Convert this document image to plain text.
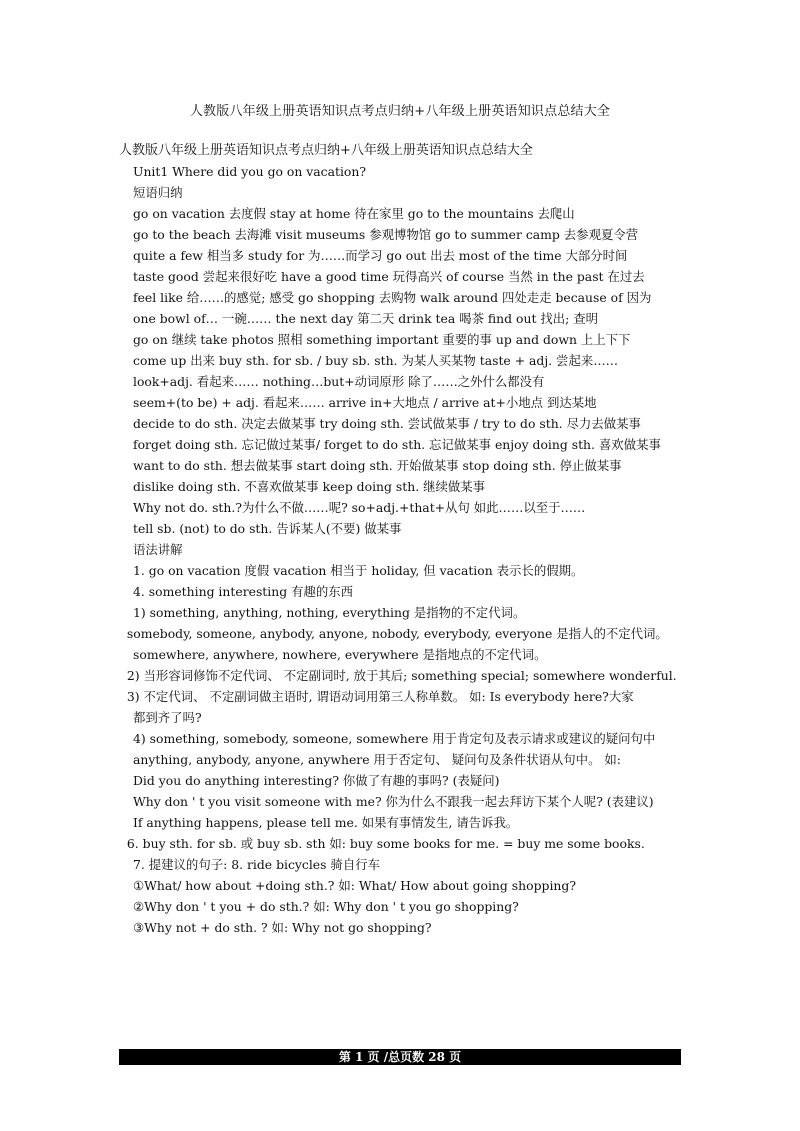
人教版八年级上册英语知识点考点归纳+八年级上册英语知识点总结大全
人教版八年级上册英语知识点考点归纳+八年级上册英语知识点总结大全
Unit1 Where did you go on vacation?
短语归纳
go on vacation 去度假 stay at home 待在家里 go to the mountains 去爬山
go to the beach 去海滩 visit museums 参观博物馆 go to summer camp 去参观夏令营
quite a few 相当多 study for 为……而学习 go out 出去 most of the time 大部分时间
taste good 尝起来很好吃 have a good time 玩得高兴 of course 当然 in the past 在过去
feel like 给……的感觉; 感受 go shopping 去购物 walk around 四处走走 because of 因为
one bowl of… 一碗…… the next day 第二天 drink tea 喝茶 find out 找出; 查明
go on 继续 take photos 照相 something important 重要的事 up and down 上上下下
come up 出来 buy sth. for sb. / buy sb. sth. 为某人买某物 taste + adj. 尝起来……
look+adj. 看起来…… nothing…but+动词原形 除了……之外什么都没有
seem+(to be) + adj. 看起来…… arrive in+大地点 / arrive at+小地点 到达某地
decide to do sth. 决定去做某事 try doing sth. 尝试做某事 / try to do sth. 尽力去做某事
forget doing sth. 忘记做过某事/ forget to do sth. 忘记做某事 enjoy doing sth. 喜欢做某事
want to do sth. 想去做某事 start doing sth. 开始做某事 stop doing sth. 停止做某事
dislike doing sth. 不喜欢做某事 keep doing sth. 继续做某事
Why not do. sth.?为什么不做……呢? so+adj.+that+从句 如此……以至于……
tell sb. (not) to do sth. 告诉某人(不要) 做某事
语法讲解
1. go on vacation 度假 vacation 相当于 holiday, 但 vacation 表示长的假期。
4. something interesting 有趣的东西
1) something, anything, nothing, everything 是指物的不定代词。
somebody, someone, anybody, anyone, nobody, everybody, everyone 是指人的不定代词。
somewhere, anywhere, nowhere, everywhere 是指地点的不定代词。
2) 当形容词修饰不定代词、 不定副词时, 放于其后; something special; somewhere wonderful.
3) 不定代词、 不定副词做主语时, 谓语动词用第三人称单数。 如: Is everybody here?大家
都到齐了吗?
4) something, somebody, someone, somewhere 用于肯定句及表示请求或建议的疑问句中
anything, anybody, anyone, anywhere 用于否定句、 疑问句及条件状语从句中。 如:
Did you do anything interesting? 你做了有趣的事吗? (表疑问)
Why don ' t you visit someone with me? 你为什么不跟我一起去拜访下某个人呢? (表建议)
If anything happens, please tell me. 如果有事情发生, 请告诉我。
6. buy sth. for sb. 或 buy sb. sth 如: buy some books for me. = buy me some books.
7. 提建议的句子: 8. ride bicycles 骑自行车
①What/ how about +doing sth.? 如: What/ How about going shopping?
②Why don ' t you + do sth.? 如: Why don ' t you go shopping?
③Why not + do sth. ? 如: Why not go shopping?
第 1 页 /总页数 28 页
